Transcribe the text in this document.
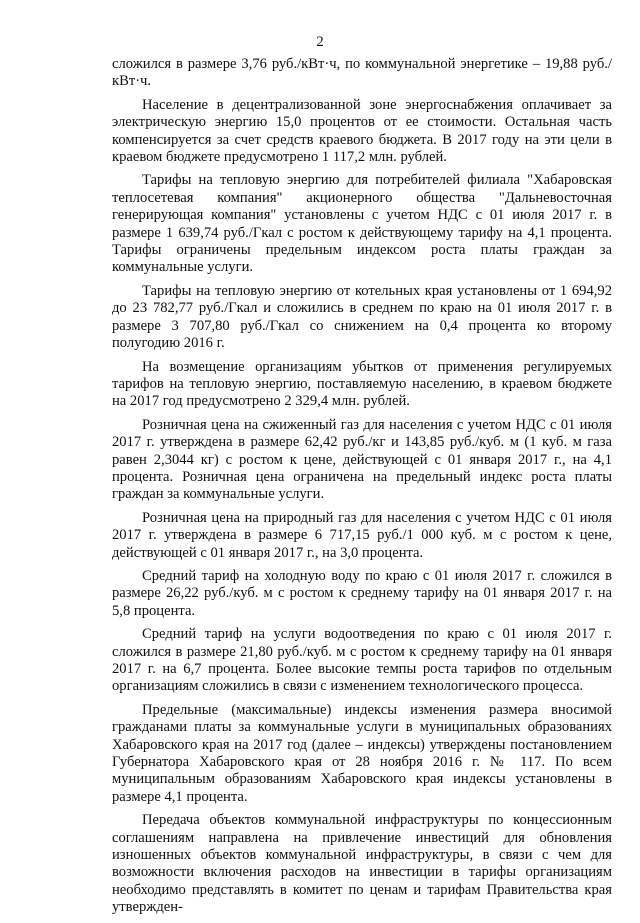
2

сложился в размере 3,76 руб./кВт·ч, по коммунальной энергетике – 19,88 руб./кВт·ч.

Население в децентрализованной зоне энергоснабжения оплачивает за электрическую энергию 15,0 процентов от ее стоимости. Остальная часть компенсируется за счет средств краевого бюджета. В 2017 году на эти цели в краевом бюджете предусмотрено 1 117,2 млн. рублей.

Тарифы на тепловую энергию для потребителей филиала "Хабаровская теплосетевая компания" акционерного общества "Дальневосточная генерирующая компания" установлены с учетом НДС с 01 июля 2017 г. в размере 1 639,74 руб./Гкал с ростом к действующему тарифу на 4,1 процента. Тарифы ограничены предельным индексом роста платы граждан за коммунальные услуги.

Тарифы на тепловую энергию от котельных края установлены от 1 694,92 до 23 782,77 руб./Гкал и сложились в среднем по краю на 01 июля 2017 г. в размере 3 707,80 руб./Гкал со снижением на 0,4 процента ко второму полугодию 2016 г.

На возмещение организациям убытков от применения регулируемых тарифов на тепловую энергию, поставляемую населению, в краевом бюджете на 2017 год предусмотрено 2 329,4 млн. рублей.

Розничная цена на сжиженный газ для населения с учетом НДС с 01 июля 2017 г. утверждена в размере 62,42 руб./кг и 143,85 руб./куб. м (1 куб. м газа равен 2,3044 кг) с ростом к цене, действующей с 01 января 2017 г., на 4,1 процента. Розничная цена ограничена на предельный индекс роста платы граждан за коммунальные услуги.

Розничная цена на природный газ для населения с учетом НДС с 01 июля 2017 г. утверждена в размере 6 717,15 руб./1 000 куб. м с ростом к цене, действующей с 01 января 2017 г., на 3,0 процента.

Средний тариф на холодную воду по краю с 01 июля 2017 г. сложился в размере 26,22 руб./куб. м с ростом к среднему тарифу на 01 января 2017 г. на 5,8 процента.

Средний тариф на услуги водоотведения по краю с 01 июля 2017 г. сложился в размере 21,80 руб./куб. м с ростом к среднему тарифу на 01 января 2017 г. на 6,7 процента. Более высокие темпы роста тарифов по отдельным организациям сложились в связи с изменением технологического процесса.

Предельные (максимальные) индексы изменения размера вносимой гражданами платы за коммунальные услуги в муниципальных образованиях Хабаровского края на 2017 год (далее – индексы) утверждены постановлением Губернатора Хабаровского края от 28 ноября 2016 г. № 117. По всем муниципальным образованиям Хабаровского края индексы установлены в размере 4,1 процента.

Передача объектов коммунальной инфраструктуры по концессионным соглашениям направлена на привлечение инвестиций для обновления изношенных объектов коммунальной инфраструктуры, в связи с чем для возможности включения расходов на инвестиции в тарифы организациям необходимо представлять в комитет по ценам и тарифам Правительства края утвержден-
